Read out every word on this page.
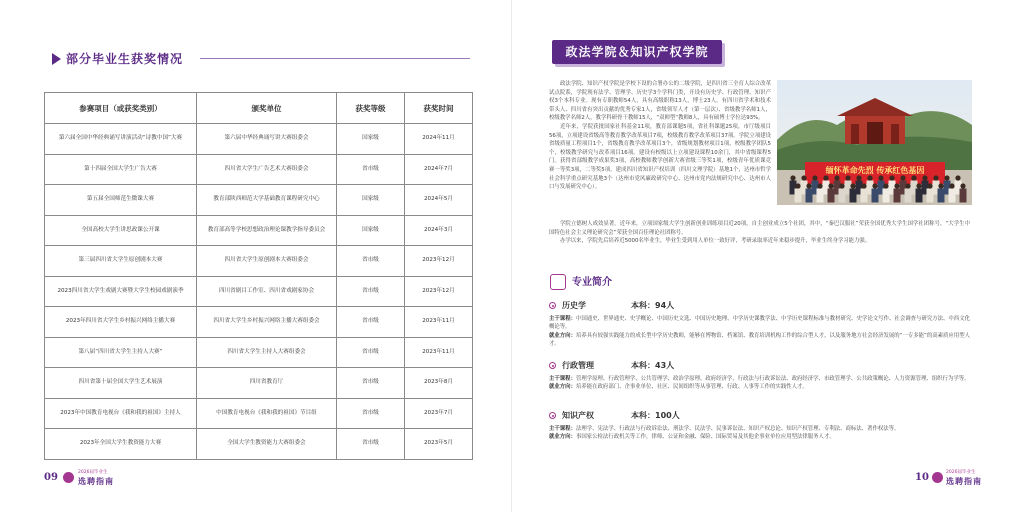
部分毕业生获奖情况
参赛项目（或获奖类别）	颁奖单位	获奖等级	获奖时间
第六届全国中华经典诵写讲演活动“诗教中国”大赛	第六届中华经典诵写讲大赛组委会	国家级	2024年11月
第十四届全国大学生广告大赛	四川省大学生广告艺术大赛组委会	省市级	2024年7月
第五届全国师范生微课大赛	教育部陕西师范大学基础教育课程研究中心	国家级	2024年5月
全国高校大学生讲思政课公开课	教育部高等学校思想政治理论课教学指导委员会	国家级	2024年3月
第三届四川省大学生原创剧本大赛	四川省大学生原创剧本大赛组委会	省市级	2023年12月
2023四川省大学生戏剧大赛暨大学生校园戏剧演季	四川省剧目工作室、四川省戏剧家协会	省市级	2023年12月
2023年四川省大学生乡村振兴网络主播大赛	四川省大学生乡村振兴网络主播大赛组委会	省市级	2023年11月
第八届“四川省大学生主持人大赛”	四川省大学生主持人大赛组委会	省市级	2023年11月
四川省第十届全国大学生艺术展演	四川省教育厅	省市级	2023年8月
2023年中国教育电视台《我和我的祖国》主持人	中国教育电视台《我和我的祖国》节目组	省市级	2023年7月
2023年全国大学生教资能力大赛	全国大学生教资能力大赛组委会	省市级	2023年5月
09	2026届毕业生
选聘指南
政法学院＆知识产权学院

政法学院、知识产权学院是学校下设的合署办公的二级学院，是四川省三全育人综合改革试点院系，学院现有法学、管理学、历史学3个学科门类，开设有历史学、行政管理、知识产权3个本科专业。现有专职教师54人，具有高级职称13人，博士23人。有四川省学术和技术带头人、四川省有突出贡献的优秀专家1人，省级领军人才（第一层次）、省级教学名师1人，校级教学名师2人，教学科研骨干教师15人，“双师型”教师8人，具有硕博士学位达93%。

近年来，学院获批国家社科基金11项，教育部课题5项，省社科课题25项，市厅级项目56项，立项建设省级高等教育教学改革项目7项，校级教育教学改革项目37项。学院立项建设省级质量工程项目1个，省级教育教学改革项目3个，省级规划教材项目1项，校级教学团队5个，校级教学研究与改革项目16项。建设有校级以上立项建设课程10余门，其中省级课程5门。获得省部级教学成果奖3项，高校教师教学创新大赛省级三等奖1项，校级青年优质课竞赛一等奖3项，二等奖5项。建成四川省知识产权培训（四川文理学院）基地1个，达州市哲学社会科学重点研究基地3个（达州市党风廉政研究中心、达州市党内法规研究中心、达州市人口与发展研究中心）。

缅怀革命先烈 传承红色基因

学院立德树人成效显著。近年来，立项国家级大学生创新创业训练项目近20项，自主创业成立5个社团，其中，“秦巴汉服社”荣获全国优秀大学生国学社团称号，“大学生中国特色社会主义理论研究会”荣获全国百佳理论社团称号。

办学以来，学院先后培养近5000名毕业生，毕业生受到用人单位一致好评，考研录取率近年来稳步提升，毕业生终身学习能力强。

专业简介
历史学	本科：94人
主干课程：中国通史、世界通史、史学概论、中国历史文选、中国历史地理、中学历史课教学法、中学历史课程标准与教材研究、史学论文写作、社会调查与研究方法、中西文化概论等。
就业方向：培养具有较强实践能力的成长型中学历史教师，能够在博物馆、档案馆、教育培训机构工作的综合型人才，以及服务地方社会经济发展的“一专多能”的高素质应用型人才。
行政管理	本科：43人
主干课程：管理学原理、行政管理学、公共管理学、政治学原理、政府经济学、行政法与行政诉讼法、政府经济学、市政管理学、公共政策概论、人力资源管理、组织行为学等。
就业方向：培养能在政府部门、企事业单位、社区、民间组织等从事管理、行政、人事等工作的实践性人才。
知识产权	本科：100人
主干课程：法理学、宪法学、行政法与行政诉讼法、刑法学、民法学、民事诉讼法、知识产权总论、知识产权管理、专利法、商标法、著作权法等。
就业方向：事国家公检法行政机关等工作，律师、公证和金融、保险、国际贸易及其他企事业单位应用型法律服务人才。
10	2026届毕业生
选聘指南
